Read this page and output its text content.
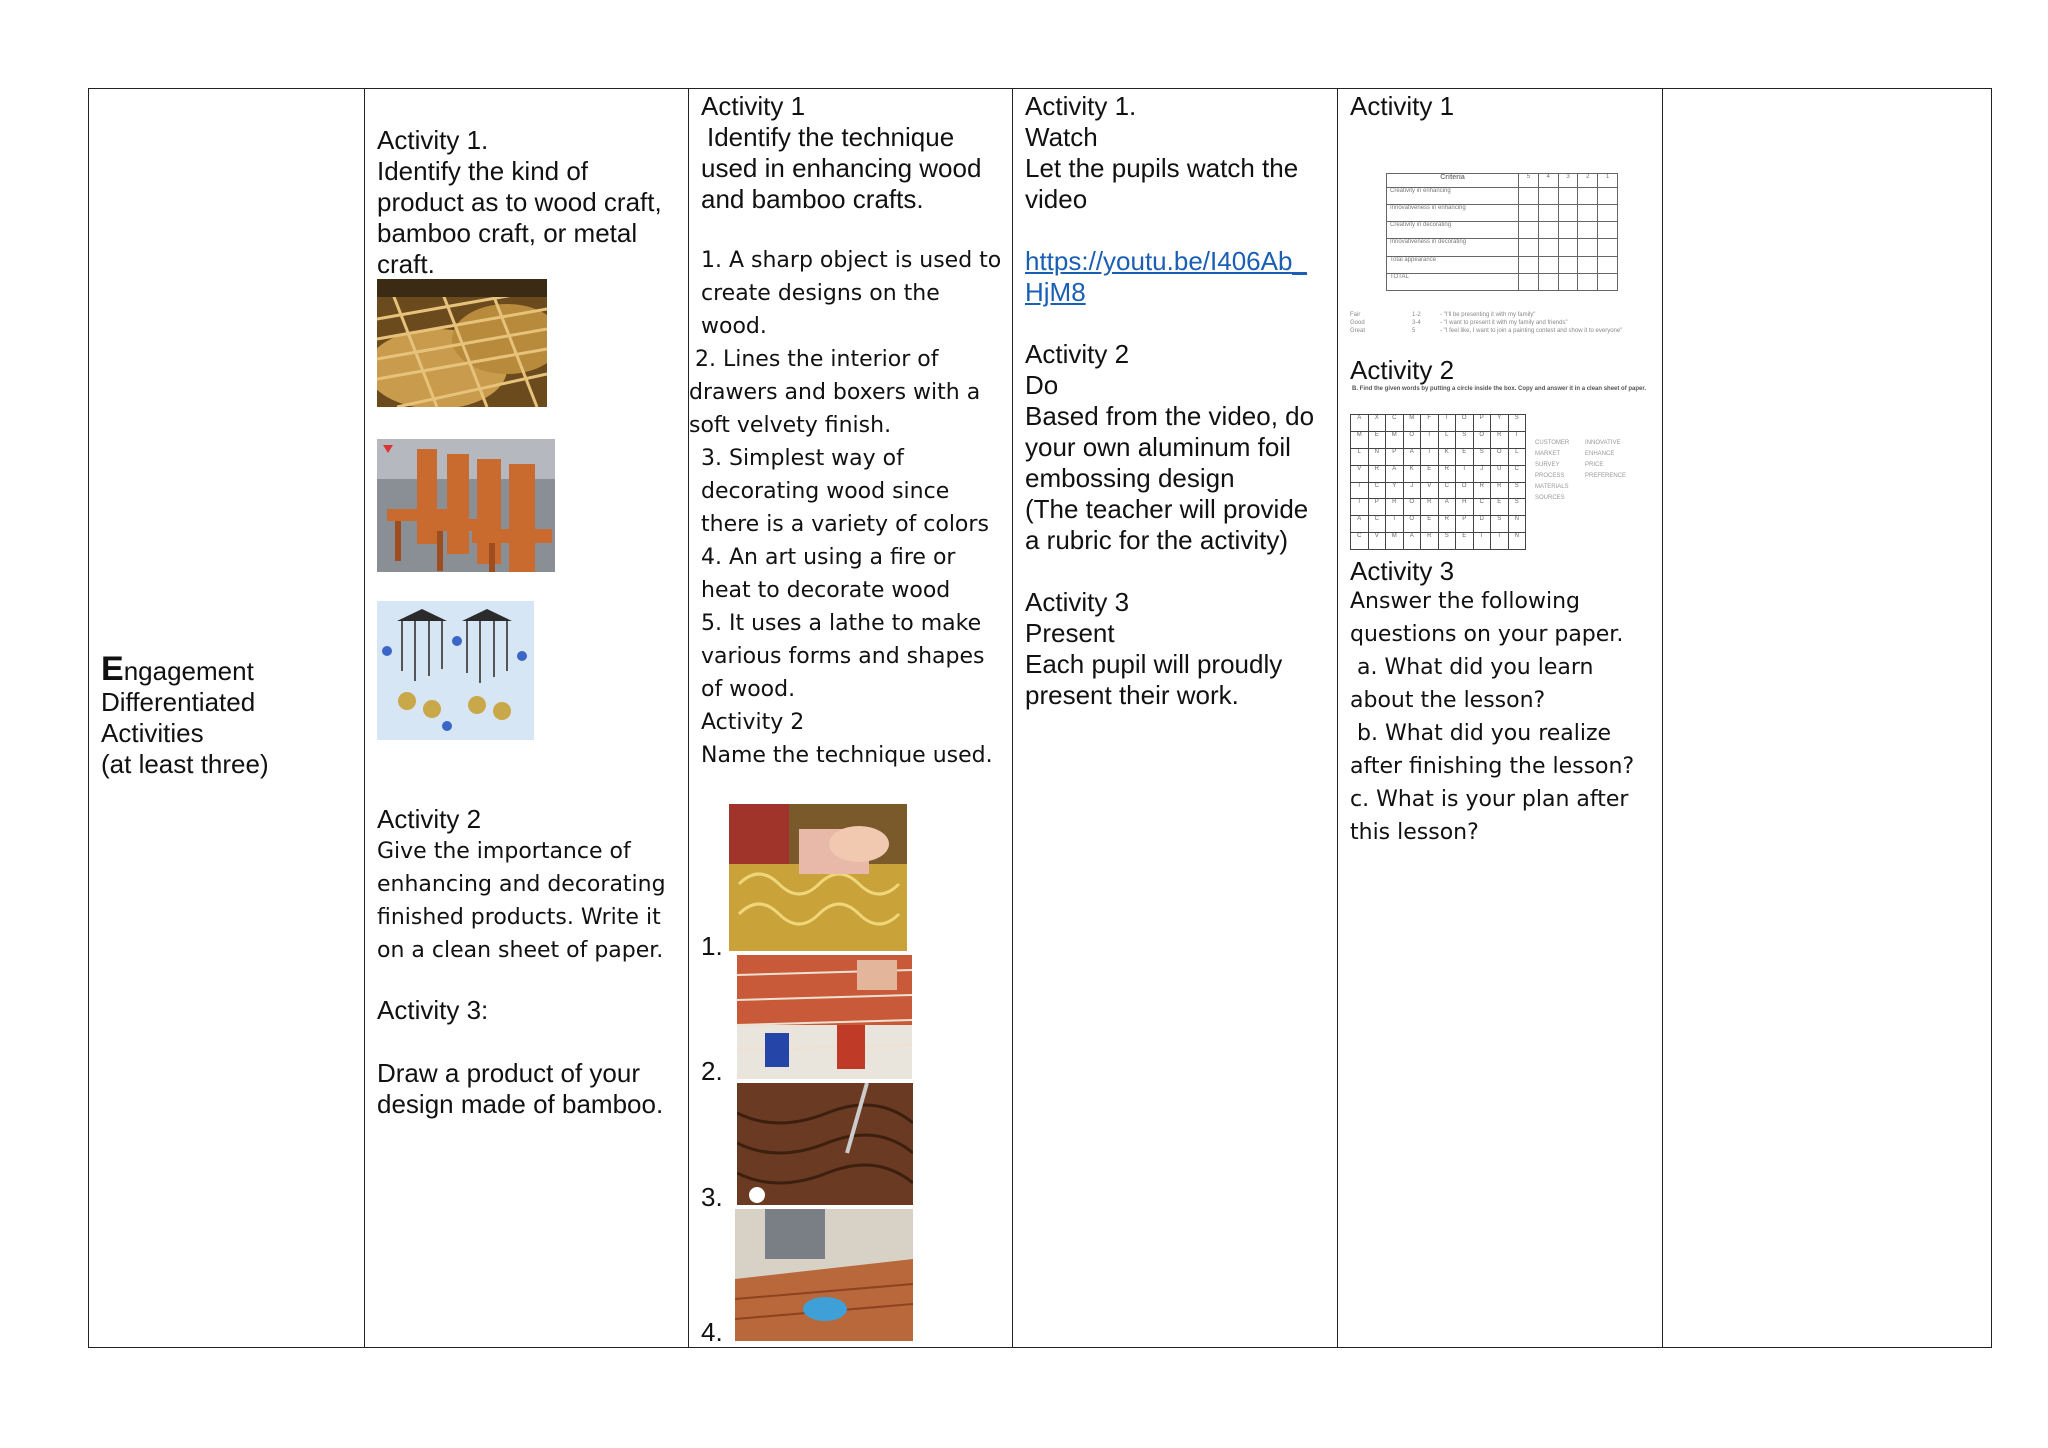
Engagement
Differentiated
Activities
(at least three)

Activity 1.
Identify the kind of
product as to wood craft,
bamboo craft, or metal
craft.
Activity 2
Give the importance of
enhancing and decorating
finished products. Write it
on a clean sheet of paper.
Activity 3:
Draw a product of your
design made of bamboo.

Activity 1
Identify the technique
used in enhancing wood
and bamboo crafts.
1. A sharp object is used to
create designs on the
wood.
2. Lines the interior of
drawers and boxers with a
soft velvety finish.
3. Simplest way of
decorating wood since
there is a variety of colors
4. An art using a fire or
heat to decorate wood
5. It uses a lathe to make
various forms and shapes
of wood.
Activity 2
Name the technique used.
1.
2.
3.
4.

Activity 1.
Watch
Let the pupils watch the
video

https://youtu.be/I406Ab_
HjM8

Activity 2
Do
Based from the video, do
your own aluminum foil
embossing design
(The teacher will provide
a rubric for the activity)

Activity 3
Present
Each pupil will proudly
present their work.

Activity 1
Criteria	5	4	3	2	1
Creativity in enhancing					
Innovativeness in enhancing					
Creativity in decorating					
Innovativeness in decorating					
Total appearance					
TOTAL					
Fair	1-2	- "I'll be presenting it with my family"
Good	3-4	- "I want to present it with my family and friends"
Great	5	- "I feel like, I want to join a painting contest and show it to everyone"
Activity 2
B. Find the given words by putting a circle inside the box. Copy and answer it in a clean sheet of paper.
A	X	C	M	F	T	O	P	Y	S
M	E	M	O	I	L	S	O	R	I
L	N	P	A	T	K	E	S	O	L
V	R	A	K	E	R	T	J	U	C
I	C	Y	J	V	C	O	R	R	S
T	P	R	O	R	A	H	C	E	S
A	C	I	O	E	R	P	D	S	N
C	V	M	A	R	S	E	I	T	N
CUSTOMER	INNOVATIVE
MARKET	ENHANCE
SURVEY	PRICE
PROCESS	PREFERENCE
MATERIALS
SOURCES
Activity 3
Answer the following
questions on your paper.
a. What did you learn
about the lesson?
b. What did you realize
after finishing the lesson?
c. What is your plan after
this lesson?
